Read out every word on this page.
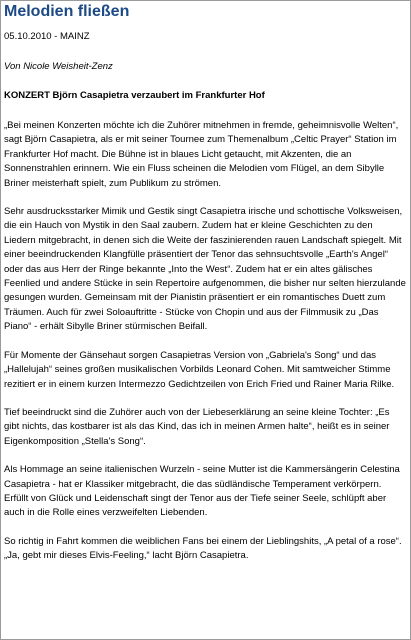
Melodien fließen
05.10.2010 - MAINZ
Von Nicole Weisheit-Zenz
KONZERT Björn Casapietra verzaubert im Frankfurter Hof

„Bei meinen Konzerten möchte ich die Zuhörer mitnehmen in fremde, geheimnisvolle Welten“, sagt Björn Casapietra, als er mit seiner Tournee zum Themenalbum „Celtic Prayer“ Station im Frankfurter Hof macht. Die Bühne ist in blaues Licht getaucht, mit Akzenten, die an Sonnenstrahlen erinnern. Wie ein Fluss scheinen die Melodien vom Flügel, an dem Sibylle Briner meisterhaft spielt, zum Publikum zu strömen.

Sehr ausdrucksstarker Mimik und Gestik singt Casapietra irische und schottische Volksweisen, die ein Hauch von Mystik in den Saal zaubern. Zudem hat er kleine Geschichten zu den Liedern mitgebracht, in denen sich die Weite der faszinierenden rauen Landschaft spiegelt. Mit einer beeindruckenden Klangfülle präsentiert der Tenor das sehnsuchtsvolle „Earth's Angel“ oder das aus Herr der Ringe bekannte „Into the West“. Zudem hat er ein altes gälisches Feenlied und andere Stücke in sein Repertoire aufgenommen, die bisher nur selten hierzulande gesungen wurden. Gemeinsam mit der Pianistin präsentiert er ein romantisches Duett zum Träumen. Auch für zwei Soloauftritte - Stücke von Chopin und aus der Filmmusik zu „Das Piano“ - erhält Sibylle Briner stürmischen Beifall.

Für Momente der Gänsehaut sorgen Casapietras Version von „Gabriela's Song“ und das „Hallelujah“ seines großen musikalischen Vorbilds Leonard Cohen. Mit samtweicher Stimme rezitiert er in einem kurzen Intermezzo Gedichtzeilen von Erich Fried und Rainer Maria Rilke.

Tief beeindruckt sind die Zuhörer auch von der Liebeserklärung an seine kleine Tochter: „Es gibt nichts, das kostbarer ist als das Kind, das ich in meinen Armen halte“, heißt es in seiner Eigenkomposition „Stella's Song“.

Als Hommage an seine italienischen Wurzeln - seine Mutter ist die Kammersängerin Celestina Casapietra - hat er Klassiker mitgebracht, die das südländische Temperament verkörpern. Erfüllt von Glück und Leidenschaft singt der Tenor aus der Tiefe seiner Seele, schlüpft aber auch in die Rolle eines verzweifelten Liebenden.

So richtig in Fahrt kommen die weiblichen Fans bei einem der Lieblingshits, „A petal of a rose“. „Ja, gebt mir dieses Elvis-Feeling,“ lacht Björn Casapietra.
